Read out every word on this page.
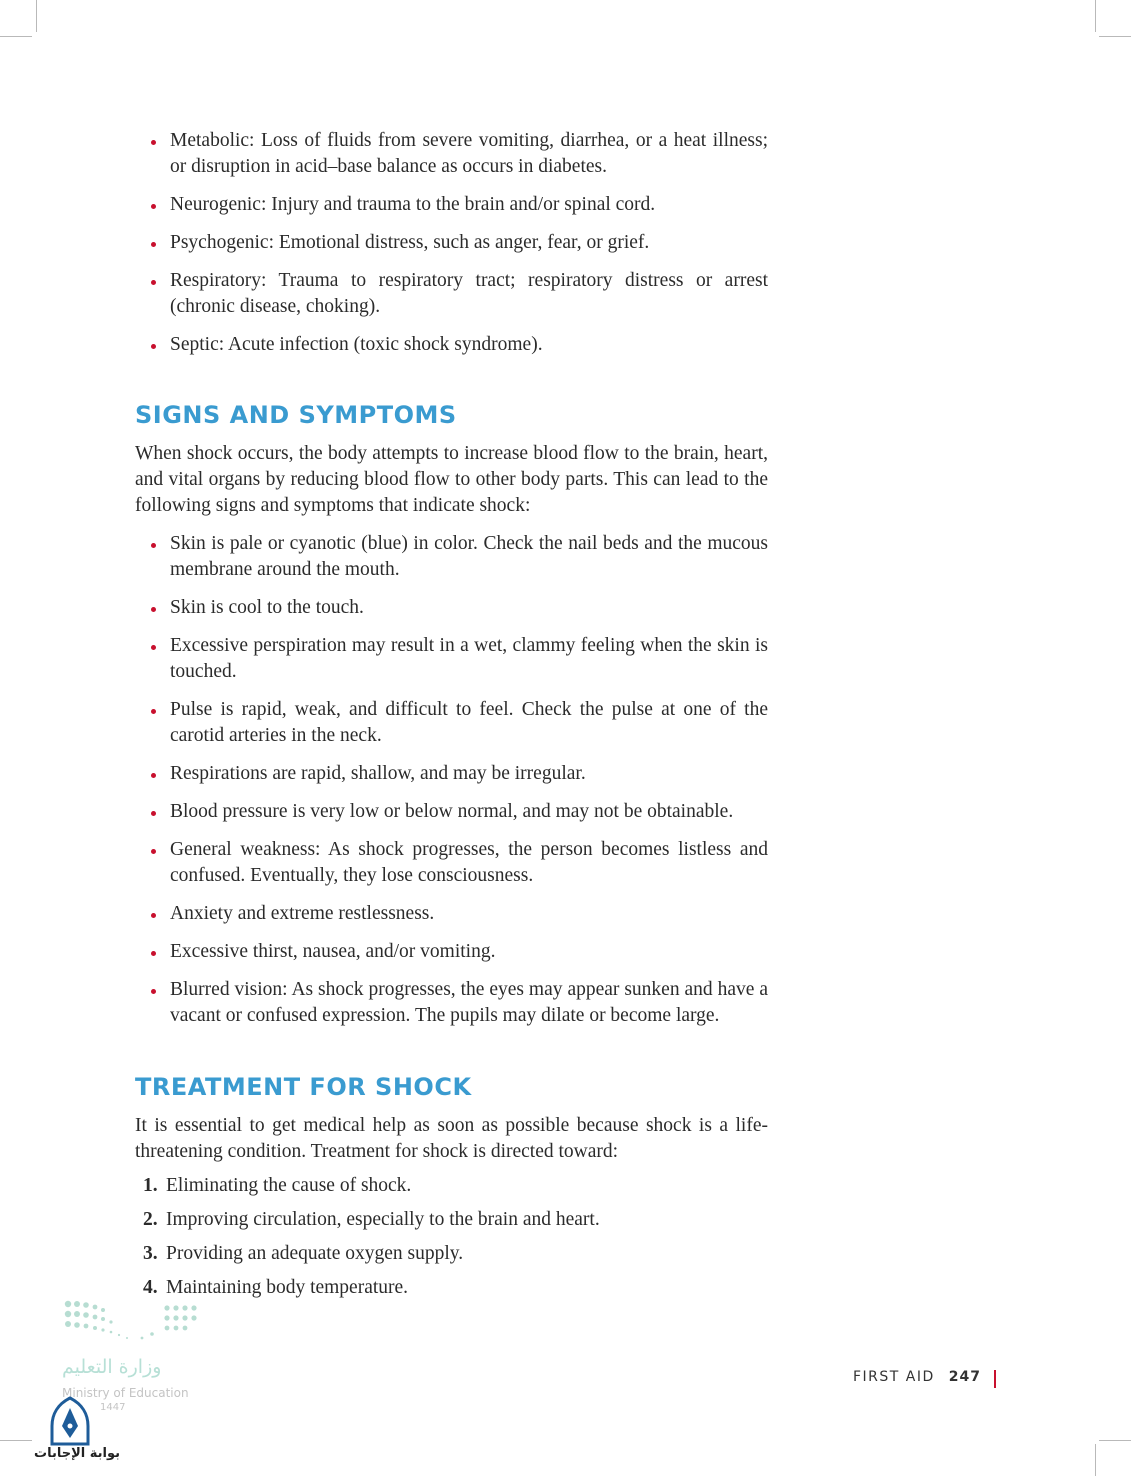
Metabolic: Loss of fluids from severe vomiting, diarrhea, or a heat illness; or disruption in acid–base balance as occurs in diabetes.
Neurogenic: Injury and trauma to the brain and/or spinal cord.
Psychogenic: Emotional distress, such as anger, fear, or grief.
Respiratory: Trauma to respiratory tract; respiratory distress or arrest (chronic disease, choking).
Septic: Acute infection (toxic shock syndrome).
SIGNS AND SYMPTOMS

When shock occurs, the body attempts to increase blood flow to the brain, heart, and vital organs by reducing blood flow to other body parts. This can lead to the following signs and symptoms that indicate shock:

Skin is pale or cyanotic (blue) in color. Check the nail beds and the mucous membrane around the mouth.
Skin is cool to the touch.
Excessive perspiration may result in a wet, clammy feeling when the skin is touched.
Pulse is rapid, weak, and difficult to feel. Check the pulse at one of the carotid arteries in the neck.
Respirations are rapid, shallow, and may be irregular.
Blood pressure is very low or below normal, and may not be obtainable.
General weakness: As shock progresses, the person becomes listless and confused. Eventually, they lose consciousness.
Anxiety and extreme restlessness.
Excessive thirst, nausea, and/or vomiting.
Blurred vision: As shock progresses, the eyes may appear sunken and have a vacant or confused expression. The pupils may dilate or become large.
TREATMENT FOR SHOCK

It is essential to get medical help as soon as possible because shock is a life-threatening condition. Treatment for shock is directed toward:

1. Eliminating the cause of shock.
2. Improving circulation, especially to the brain and heart.
3. Providing an adequate oxygen supply.
4. Maintaining body temperature.
وزارة التعليم
Ministry of Education
1447
بوابة الإجابات
FIRST AID 247
